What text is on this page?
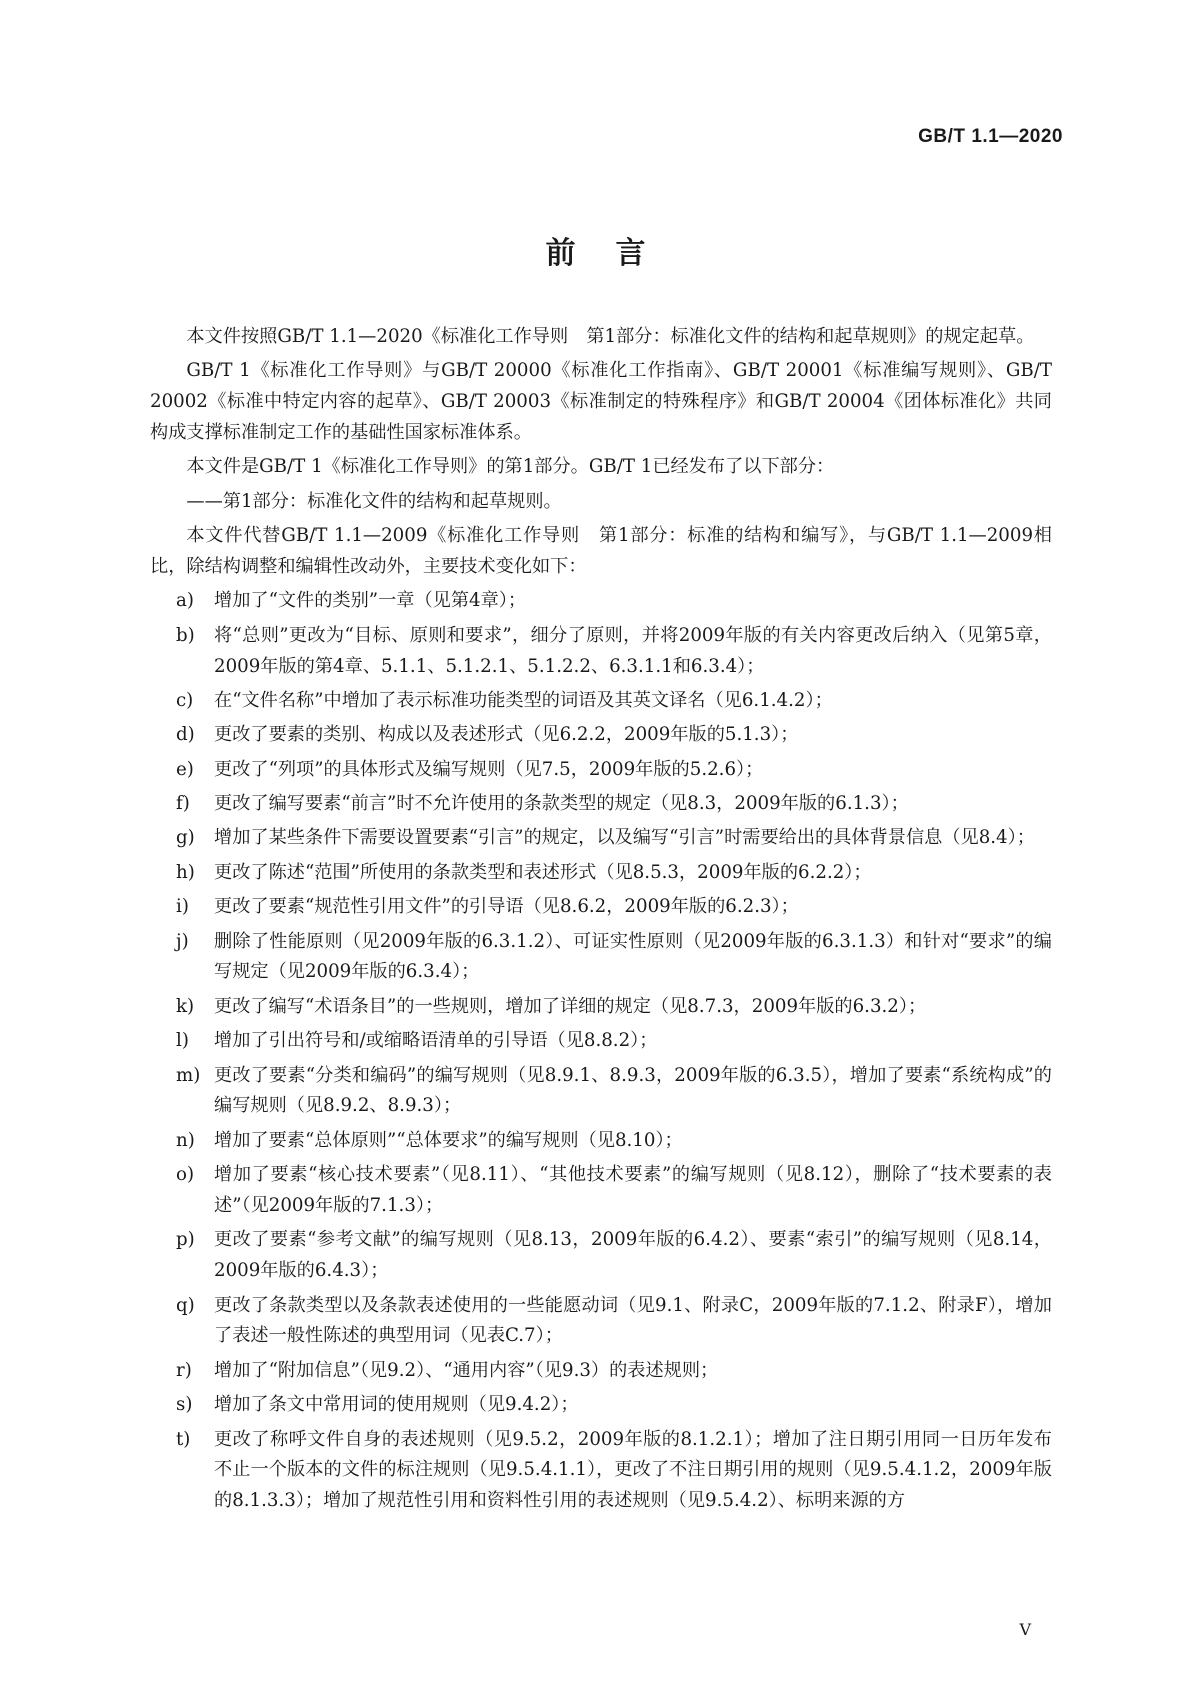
GB/T 1.1—2020
前言

本文件按照GB/T 1.1—2020《标准化工作导则　第1部分：标准化文件的结构和起草规则》的规定起草。

GB/T 1《标准化工作导则》与GB/T 20000《标准化工作指南》、GB/T 20001《标准编写规则》、GB/T 20002《标准中特定内容的起草》、GB/T 20003《标准制定的特殊程序》和GB/T 20004《团体标准化》共同构成支撑标准制定工作的基础性国家标准体系。

本文件是GB/T 1《标准化工作导则》的第1部分。GB/T 1已经发布了以下部分：

——第1部分：标准化文件的结构和起草规则。

本文件代替GB/T 1.1—2009《标准化工作导则　第1部分：标准的结构和编写》，与GB/T 1.1—2009相比，除结构调整和编辑性改动外，主要技术变化如下：

a)	增加了“文件的类别”一章（见第4章）；
b)	将“总则”更改为“目标、原则和要求”，细分了原则，并将2009年版的有关内容更改后纳入（见第5章，2009年版的第4章、5.1.1、5.1.2.1、5.1.2.2、6.3.1.1和6.3.4）；
c)	在“文件名称”中增加了表示标准功能类型的词语及其英文译名（见6.1.4.2）；
d)	更改了要素的类别、构成以及表述形式（见6.2.2，2009年版的5.1.3）；
e)	更改了“列项”的具体形式及编写规则（见7.5，2009年版的5.2.6）；
f)	更改了编写要素“前言”时不允许使用的条款类型的规定（见8.3，2009年版的6.1.3）；
g)	增加了某些条件下需要设置要素“引言”的规定，以及编写“引言”时需要给出的具体背景信息（见8.4）；
h)	更改了陈述“范围”所使用的条款类型和表述形式（见8.5.3，2009年版的6.2.2）；
i)	更改了要素“规范性引用文件”的引导语（见8.6.2，2009年版的6.2.3）；
j)	删除了性能原则（见2009年版的6.3.1.2）、可证实性原则（见2009年版的6.3.1.3）和针对“要求”的编写规定（见2009年版的6.3.4）；
k)	更改了编写“术语条目”的一些规则，增加了详细的规定（见8.7.3，2009年版的6.3.2）；
l)	增加了引出符号和/或缩略语清单的引导语（见8.8.2）；
m) 更改了要素“分类和编码”的编写规则（见8.9.1、8.9.3，2009年版的6.3.5），增加了要素“系统构成”的编写规则（见8.9.2、8.9.3）；
n)	增加了要素“总体原则”“总体要求”的编写规则（见8.10）；
o)	增加了要素“核心技术要素”（见8.11）、“其他技术要素”的编写规则（见8.12），删除了“技术要素的表述”（见2009年版的7.1.3）；
p)	更改了要素“参考文献”的编写规则（见8.13，2009年版的6.4.2）、要素“索引”的编写规则（见8.14，2009年版的6.4.3）；
q)	更改了条款类型以及条款表述使用的一些能愿动词（见9.1、附录C，2009年版的7.1.2、附录F），增加了表述一般性陈述的典型用词（见表C.7）；
r)	增加了“附加信息”（见9.2）、“通用内容”（见9.3）的表述规则；
s)	增加了条文中常用词的使用规则（见9.4.2）；
t)	更改了称呼文件自身的表述规则（见9.5.2，2009年版的8.1.2.1）；增加了注日期引用同一日历年发布不止一个版本的文件的标注规则（见9.5.4.1.1），更改了不注日期引用的规则（见9.5.4.1.2，2009年版的8.1.3.3）；增加了规范性引用和资料性引用的表述规则（见9.5.4.2）、标明来源的方
V
